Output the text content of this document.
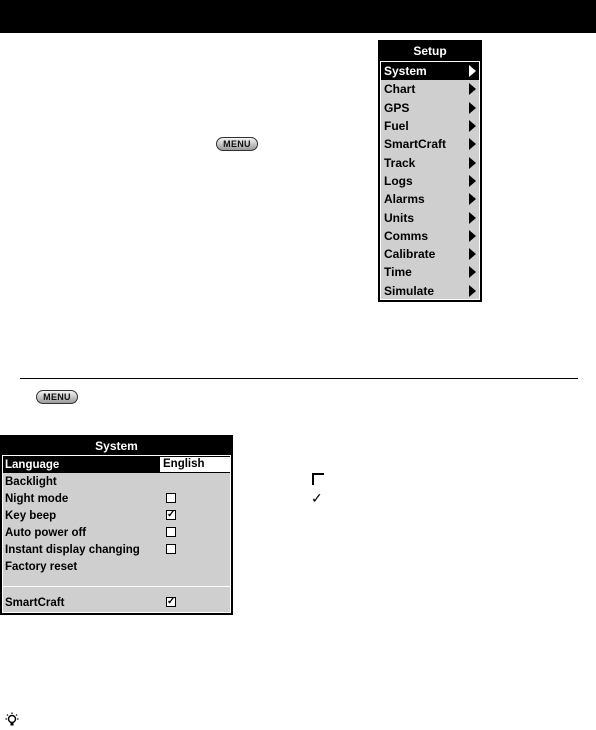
MENU
Setup
System
Chart
GPS
Fuel
SmartCraft
Track
Logs
Alarms
Units
Comms
Calibrate
Time
Simulate
MENU
System
Language	English
Backlight
Night mode
Key beep	✓
Auto power off
Instant display changing
Factory reset
SmartCraft	✓
✓
